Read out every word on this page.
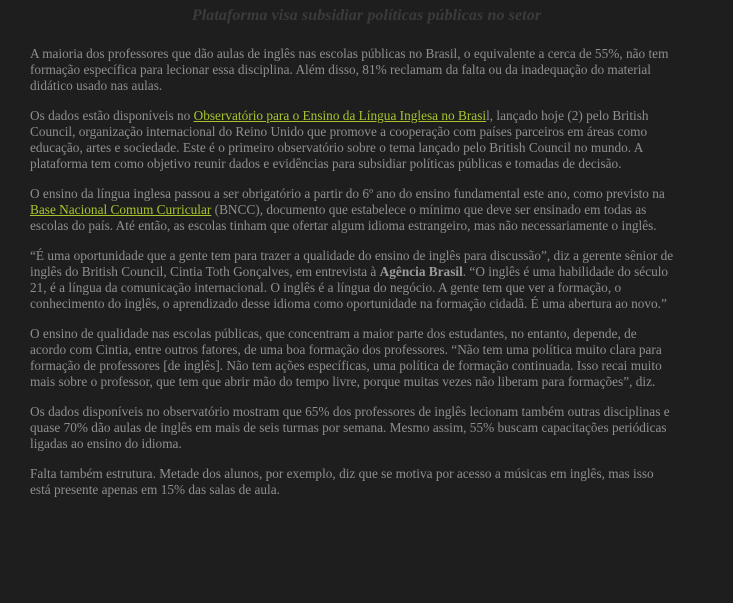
Plataforma visa subsidiar políticas públicas no setor

A maioria dos professores que dão aulas de inglês nas escolas públicas no Brasil, o equivalente a cerca de 55%, não tem formação específica para lecionar essa disciplina. Além disso, 81% reclamam da falta ou da inadequação do material didático usado nas aulas.

Os dados estão disponíveis no Observatório para o Ensino da Língua Inglesa no Brasil, lançado hoje (2) pelo British Council, organização internacional do Reino Unido que promove a cooperação com países parceiros em áreas como educação, artes e sociedade. Este é o primeiro observatório sobre o tema lançado pelo British Council no mundo. A plataforma tem como objetivo reunir dados e evidências para subsidiar políticas públicas e tomadas de decisão.

O ensino da língua inglesa passou a ser obrigatório a partir do 6º ano do ensino fundamental este ano, como previsto na Base Nacional Comum Curricular (BNCC), documento que estabelece o mínimo que deve ser ensinado em todas as escolas do país. Até então, as escolas tinham que ofertar algum idioma estrangeiro, mas não necessariamente o inglês.

“É uma oportunidade que a gente tem para trazer a qualidade do ensino de inglês para discussão”, diz a gerente sênior de inglês do British Council, Cintia Toth Gonçalves, em entrevista à Agência Brasil. “O inglês é uma habilidade do século 21, é a língua da comunicação internacional. O inglês é a língua do negócio. A gente tem que ver a formação, o conhecimento do inglês, o aprendizado desse idioma como oportunidade na formação cidadã. É uma abertura ao novo.”

O ensino de qualidade nas escolas públicas, que concentram a maior parte dos estudantes, no entanto, depende, de acordo com Cintia, entre outros fatores, de uma boa formação dos professores. “Não tem uma política muito clara para formação de professores [de inglês]. Não tem ações específicas, uma política de formação continuada. Isso recai muito mais sobre o professor, que tem que abrir mão do tempo livre, porque muitas vezes não liberam para formações”, diz.

Os dados disponíveis no observatório mostram que 65% dos professores de inglês lecionam também outras disciplinas e quase 70% dão aulas de inglês em mais de seis turmas por semana. Mesmo assim, 55% buscam capacitações periódicas ligadas ao ensino do idioma.

Falta também estrutura. Metade dos alunos, por exemplo, diz que se motiva por acesso a músicas em inglês, mas isso está presente apenas em 15% das salas de aula.
